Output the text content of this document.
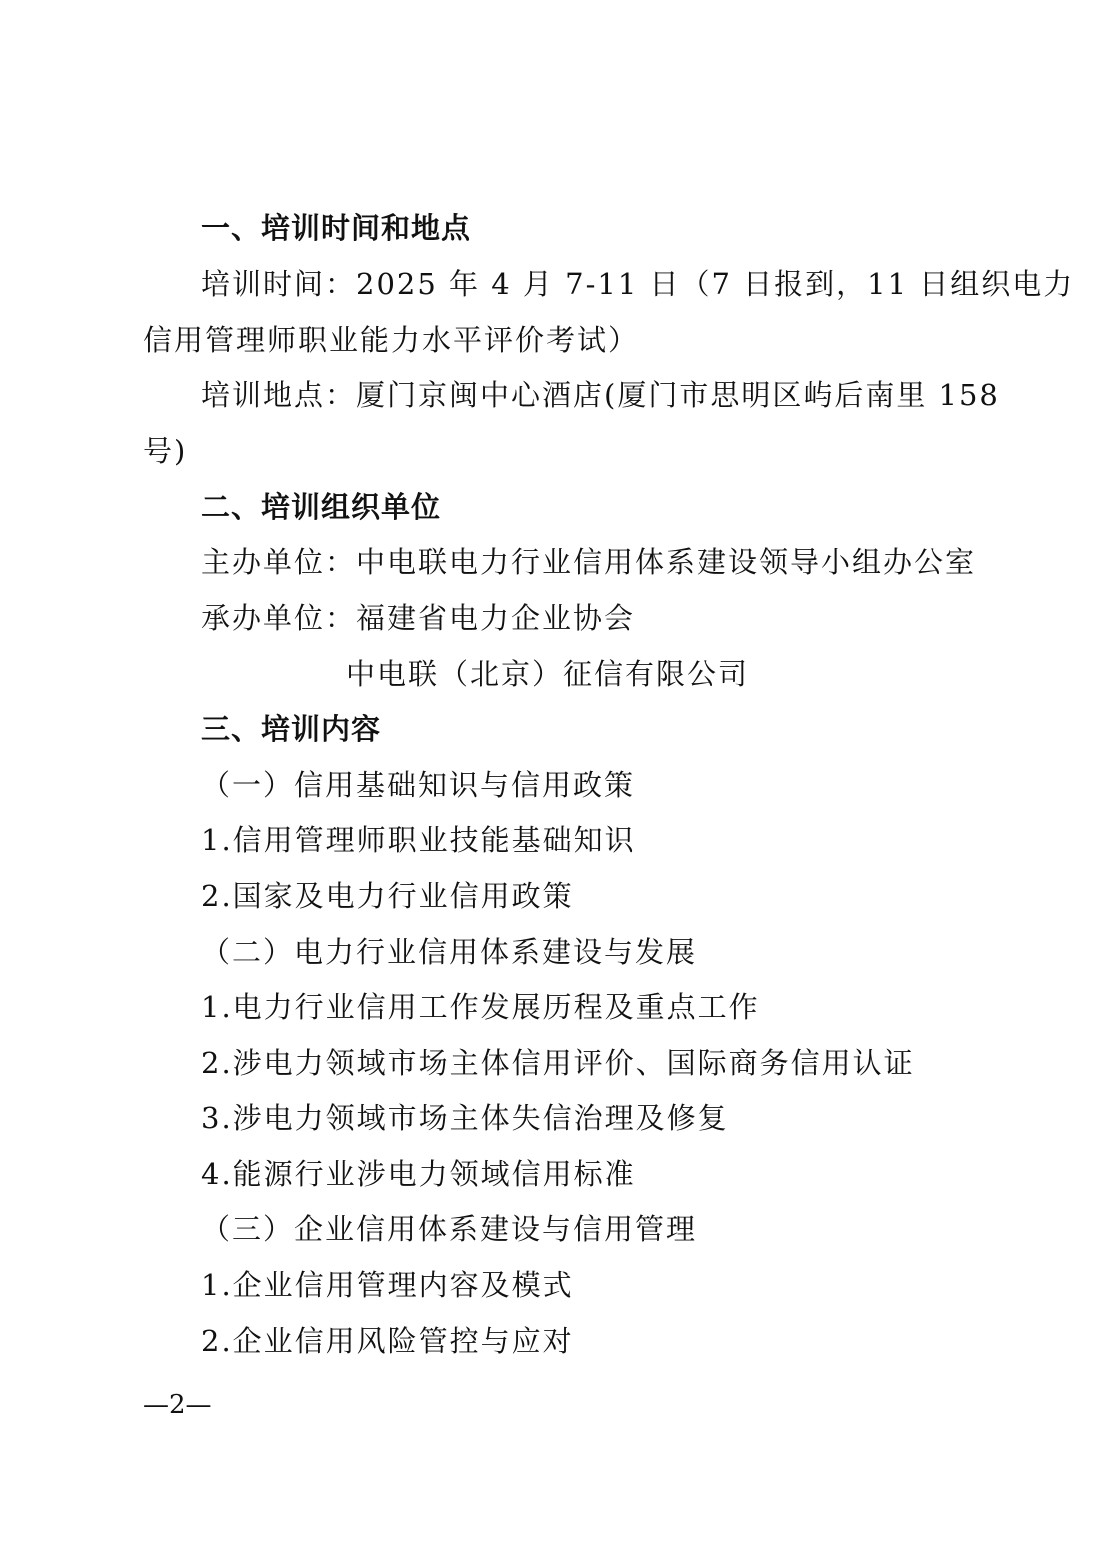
一、培训时间和地点
培训时间：2025 年 4 月 7-11 日（7 日报到，11 日组织电力
信用管理师职业能力水平评价考试）
培训地点：厦门京闽中心酒店(厦门市思明区屿后南里 158
号)
二、培训组织单位
主办单位：中电联电力行业信用体系建设领导小组办公室
承办单位：福建省电力企业协会
中电联（北京）征信有限公司
三、培训内容
（一）信用基础知识与信用政策
1.信用管理师职业技能基础知识
2.国家及电力行业信用政策
（二）电力行业信用体系建设与发展
1.电力行业信用工作发展历程及重点工作
2.涉电力领域市场主体信用评价、国际商务信用认证
3.涉电力领域市场主体失信治理及修复
4.能源行业涉电力领域信用标准
（三）企业信用体系建设与信用管理
1.企业信用管理内容及模式
2.企业信用风险管控与应对
—2—
